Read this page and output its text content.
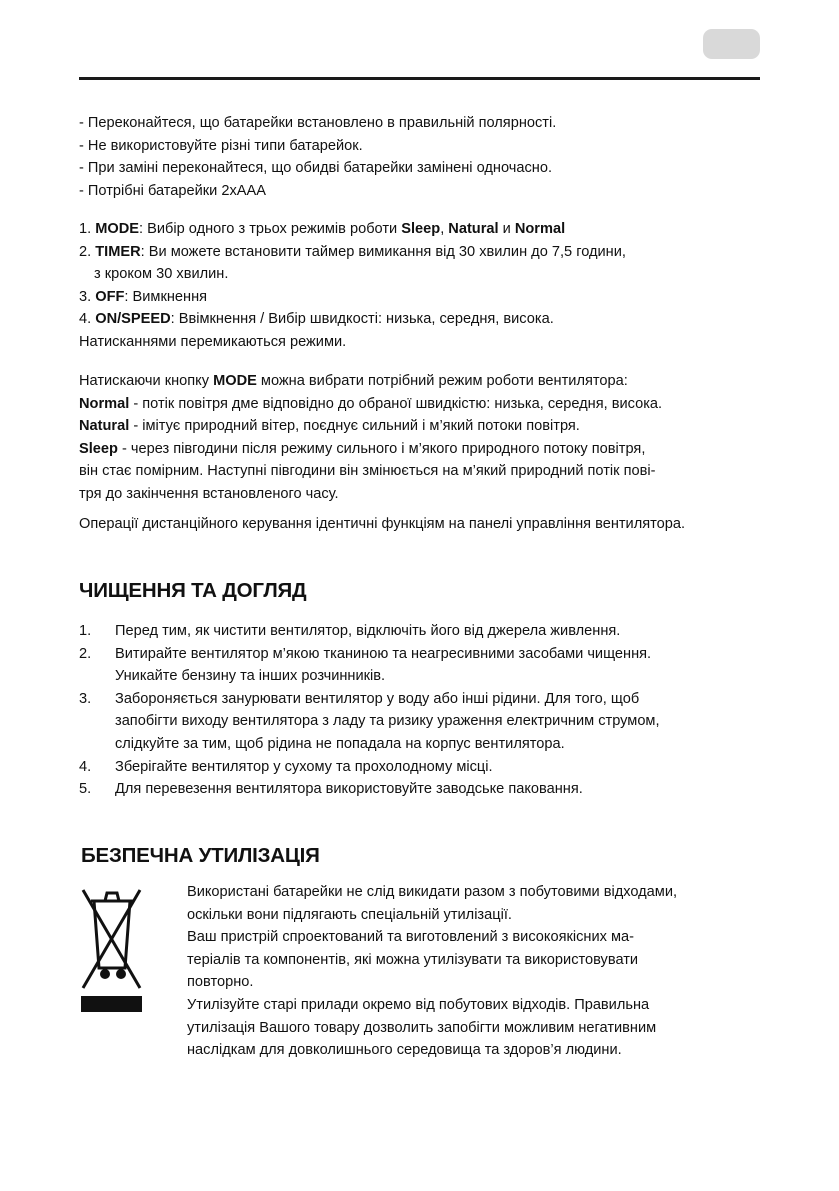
- Переконайтеся, що батарейки встановлено в правильній полярності.
- Не використовуйте різні типи батарейок.
- При заміні переконайтеся, що обидві батарейки замінені одночасно.
- Потрібні батарейки 2xAAA
1. MODE: Вибір одного з трьох режимів роботи Sleep, Natural и Normal
2. TIMER: Ви можете встановити таймер вимикання від 30 хвилин до 7,5 години,
з кроком 30 хвилин.
3. OFF: Вимкнення
4. ON/SPEED: Ввімкнення / Вибір швидкості: низька, середня, висока.
Натисканнями перемикаються режими.
Натискаючи кнопку MODE можна вибрати потрібний режим роботи вентилятора:
Normal - потік повітря дме відповідно до обраної швидкістю: низька, середня, висока.
Natural - імітує природний вітер, поєднує сильний і м’який потоки повітря.
Sleep - через півгодини після режиму сильного і м’якого природного потоку повітря,
він стає помірним. Наступні півгодини він змінюється на м’який природний потік пові-
тря до закінчення встановленого часу.
Операції дистанційного керування ідентичні функціям на панелі управління вентилятора.
ЧИЩЕННЯ ТА ДОГЛЯД
1.	Перед тим, як чистити вентилятор, відключіть його від джерела живлення.
2.	Витирайте вентилятор м’якою тканиною та неагресивними засобами чищення.
Уникайте бензину та інших розчинників.
3.	Забороняється занурювати вентилятор у воду або інші рідини. Для того, щоб
запобігти виходу вентилятора з ладу та ризику ураження електричним струмом,
слідкуйте за тим, щоб рідина не попадала на корпус вентилятора.
4.	Зберігайте вентилятор у сухому та прохолодному місці.
5.	Для перевезення вентилятора використовуйте заводське паковання.
БЕЗПЕЧНА УТИЛІЗАЦІЯ
Використані батарейки не слід викидати разом з побутовими відходами,
оскільки вони підлягають спеціальній утилізації.
Ваш пристрій спроектований та виготовлений з високоякісних ма-
теріалів та компонентів, які можна утилізувати та використовувати
повторно.
Утилізуйте старі прилади окремо від побутових відходів. Правильна
утилізація Вашого товару дозволить запобігти можливим негативним
наслідкам для довколишнього середовища та здоров’я людини.
